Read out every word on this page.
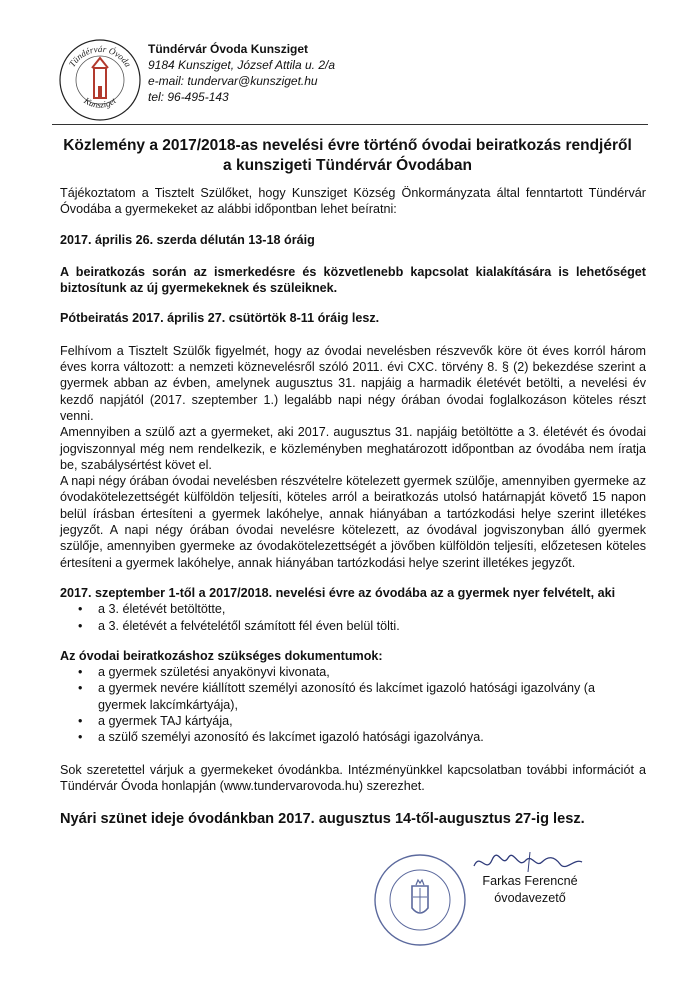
Tündérvár Óvoda
Kunsziget
Tündérvár Óvoda Kunsziget
9184 Kunsziget, József Attila u. 2/a
e-mail: tundervar@kunsziget.hu
tel: 96-495-143
Közlemény a 2017/2018-as nevelési évre történő óvodai beiratkozás rendjéről
a kunszigeti Tündérvár Óvodában

Tájékoztatom a Tisztelt Szülőket, hogy Kunsziget Község Önkormányzata által fenntartott Tündérvár Óvodába a gyermekeket az alábbi időpontban lehet beíratni:

2017. április 26. szerda délután 13-18 óráig

A beiratkozás során az ismerkedésre és közvetlenebb kapcsolat kialakítására is lehetőséget biztosítunk az új gyermekeknek és szüleiknek.

Pótbeiratás 2017. április 27. csütörtök 8-11 óráig lesz.

Felhívom a Tisztelt Szülők figyelmét, hogy az óvodai nevelésben részvevők köre öt éves korról három éves korra változott: a nemzeti köznevelésről szóló 2011. évi CXC. törvény 8. § (2) bekezdése szerint a gyermek abban az évben, amelynek augusztus 31. napjáig a harmadik életévét betölti, a nevelési év kezdő napjától (2017. szeptember 1.) legalább napi négy órában óvodai foglalkozáson köteles részt venni.

Amennyiben a szülő azt a gyermeket, aki 2017. augusztus 31. napjáig betöltötte a 3. életévét és óvodai jogviszonnyal még nem rendelkezik, e közleményben meghatározott időpontban az óvodába nem íratja be, szabálysértést követ el.

A napi négy órában óvodai nevelésben részvételre kötelezett gyermek szülője, amennyiben gyermeke az óvodakötelezettségét külföldön teljesíti, köteles arról a beiratkozás utolsó határnapját követő 15 napon belül írásban értesíteni a gyermek lakóhelye, annak hiányában a tartózkodási helye szerint illetékes jegyzőt. A napi négy órában óvodai nevelésre kötelezett, az óvodával jogviszonyban álló gyermek szülője, amennyiben gyermeke az óvodakötelezettségét a jövőben külföldön teljesíti, előzetesen köteles értesíteni a gyermek lakóhelye, annak hiányában tartózkodási helye szerint illetékes jegyzőt.

2017. szeptember 1-től a 2017/2018. nevelési évre az óvodába az a gyermek nyer felvételt, aki

• a 3. életévét betöltötte,
• a 3. életévét a felvételétől számított fél éven belül tölti.

Az óvodai beiratkozáshoz szükséges dokumentumok:

• a gyermek születési anyakönyvi kivonata,
• a gyermek nevére kiállított személyi azonosító és lakcímet igazoló hatósági igazolvány (a gyermek lakcímkártyája),
• a gyermek TAJ kártyája,
• a szülő személyi azonosító és lakcímet igazoló hatósági igazolványa.

Sok szeretettel várjuk a gyermekeket óvodánkba. Intézményünkkel kapcsolatban további információt a Tündérvár Óvoda honlapján (www.tundervarovoda.hu) szerezhet.

Nyári szünet ideje óvodánkban 2017. augusztus 14-től-augusztus 27-ig lesz.

Farkas Ferencné
óvodavezető
